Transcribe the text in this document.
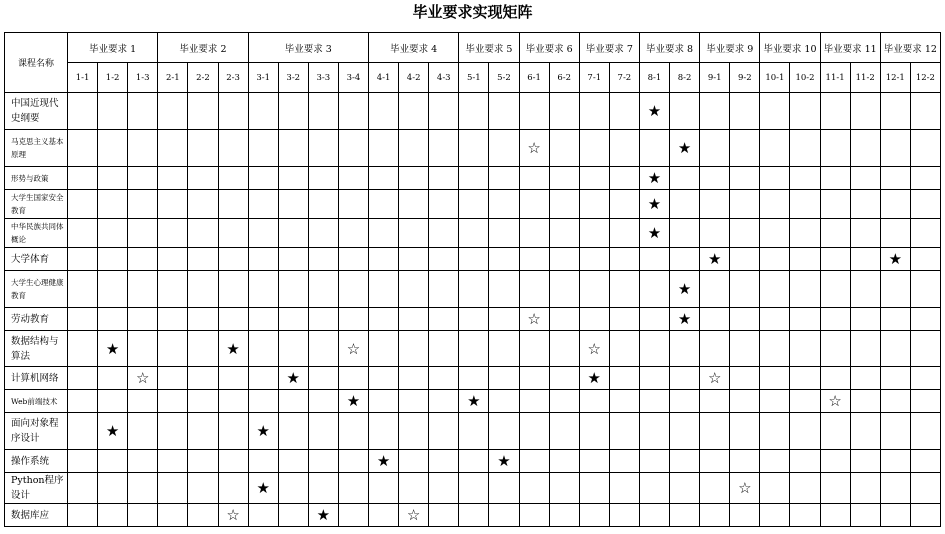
毕业要求实现矩阵
课程名称	毕业要求 1			毕业要求 2			毕业要求 3				毕业要求 4			毕业要求 5		毕业要求 6		毕业要求 7		毕业要求 8		毕业要求 9		毕业要求 10		毕业要求 11		毕业要求 12	
	1-1	1-2	1-3	2-1	2-2	2-3	3-1	3-2	3-3	3-4	4-1	4-2	4-3	5-1	5-2	6-1	6-2	7-1	7-2	8-1	8-2	9-1	9-2	10-1	10-2	11-1	11-2	12-1	12-2
中国近现代史纲要																				★									
马克思主义基本原理																☆					★								
形势与政策																				★									
大学生国家安全教育																				★									
中华民族共同体概论																				★									
大学体育																						★						★	
大学生心理健康教育																					★								
劳动教育																☆					★								
数据结构与算法		★				★				☆								☆											
计算机网络			☆					★										★				☆							
Web前端技术										★				★												☆			
面向对象程序设计		★					★																						
操作系统											★				★														
Python程序设计							★																☆						
数据库应						☆			★			☆																	
